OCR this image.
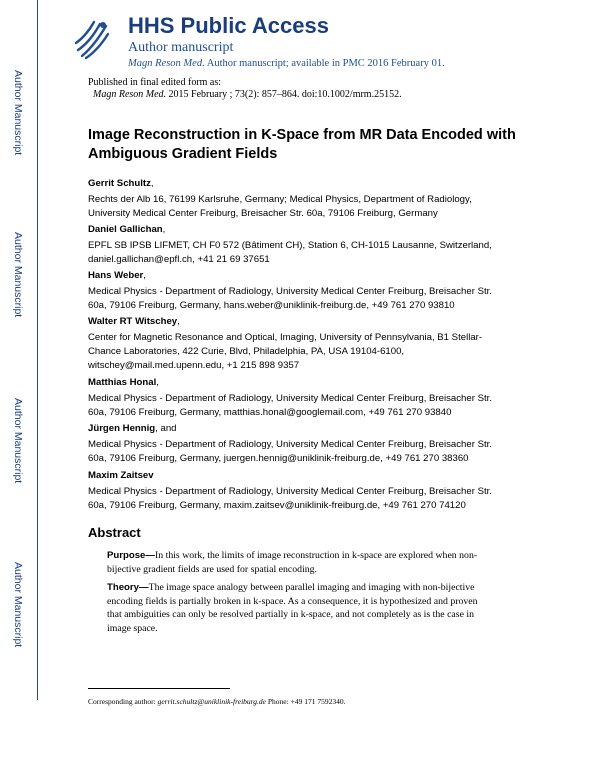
Author Manuscript
Author Manuscript
Author Manuscript
Author Manuscript
HHS Public Access
Author manuscript
Magn Reson Med. Author manuscript; available in PMC 2016 February 01.
Published in final edited form as:
Magn Reson Med. 2015 February ; 73(2): 857–864. doi:10.1002/mrm.25152.
Image Reconstruction in K-Space from MR Data Encoded with
Ambiguous Gradient Fields
Gerrit Schultz,
Rechts der Alb 16, 76199 Karlsruhe, Germany; Medical Physics, Department of Radiology,
University Medical Center Freiburg, Breisacher Str. 60a, 79106 Freiburg, Germany
Daniel Gallichan,
EPFL SB IPSB LIFMET, CH F0 572 (Bâtiment CH), Station 6, CH-1015 Lausanne, Switzerland,
daniel.gallichan@epfl.ch, +41 21 69 37651
Hans Weber,
Medical Physics - Department of Radiology, University Medical Center Freiburg, Breisacher Str.
60a, 79106 Freiburg, Germany, hans.weber@uniklinik-freiburg.de, +49 761 270 93810
Walter RT Witschey,
Center for Magnetic Resonance and Optical, Imaging, University of Pennsylvania, B1 Stellar-
Chance Laboratories, 422 Curie, Blvd, Philadelphia, PA, USA 19104-6100,
witschey@mail.med.upenn.edu, +1 215 898 9357
Matthias Honal,
Medical Physics - Department of Radiology, University Medical Center Freiburg, Breisacher Str.
60a, 79106 Freiburg, Germany, matthias.honal@googlemail.com, +49 761 270 93840
Jürgen Hennig, and
Medical Physics - Department of Radiology, University Medical Center Freiburg, Breisacher Str.
60a, 79106 Freiburg, Germany, juergen.hennig@uniklinik-freiburg.de, +49 761 270 38360
Maxim Zaitsev
Medical Physics - Department of Radiology, University Medical Center Freiburg, Breisacher Str.
60a, 79106 Freiburg, Germany, maxim.zaitsev@uniklinik-freiburg.de, +49 761 270 74120
Abstract
Purpose—In this work, the limits of image reconstruction in k-space are explored when non-
bijective gradient fields are used for spatial encoding.
Theory—The image space analogy between parallel imaging and imaging with non-bijective
encoding fields is partially broken in k-space. As a consequence, it is hypothesized and proven
that ambiguities can only be resolved partially in k-space, and not completely as is the case in
image space.
Corresponding author: gerrit.schultz@uniklinik-freiburg.de Phone: +49 171 7592340.
